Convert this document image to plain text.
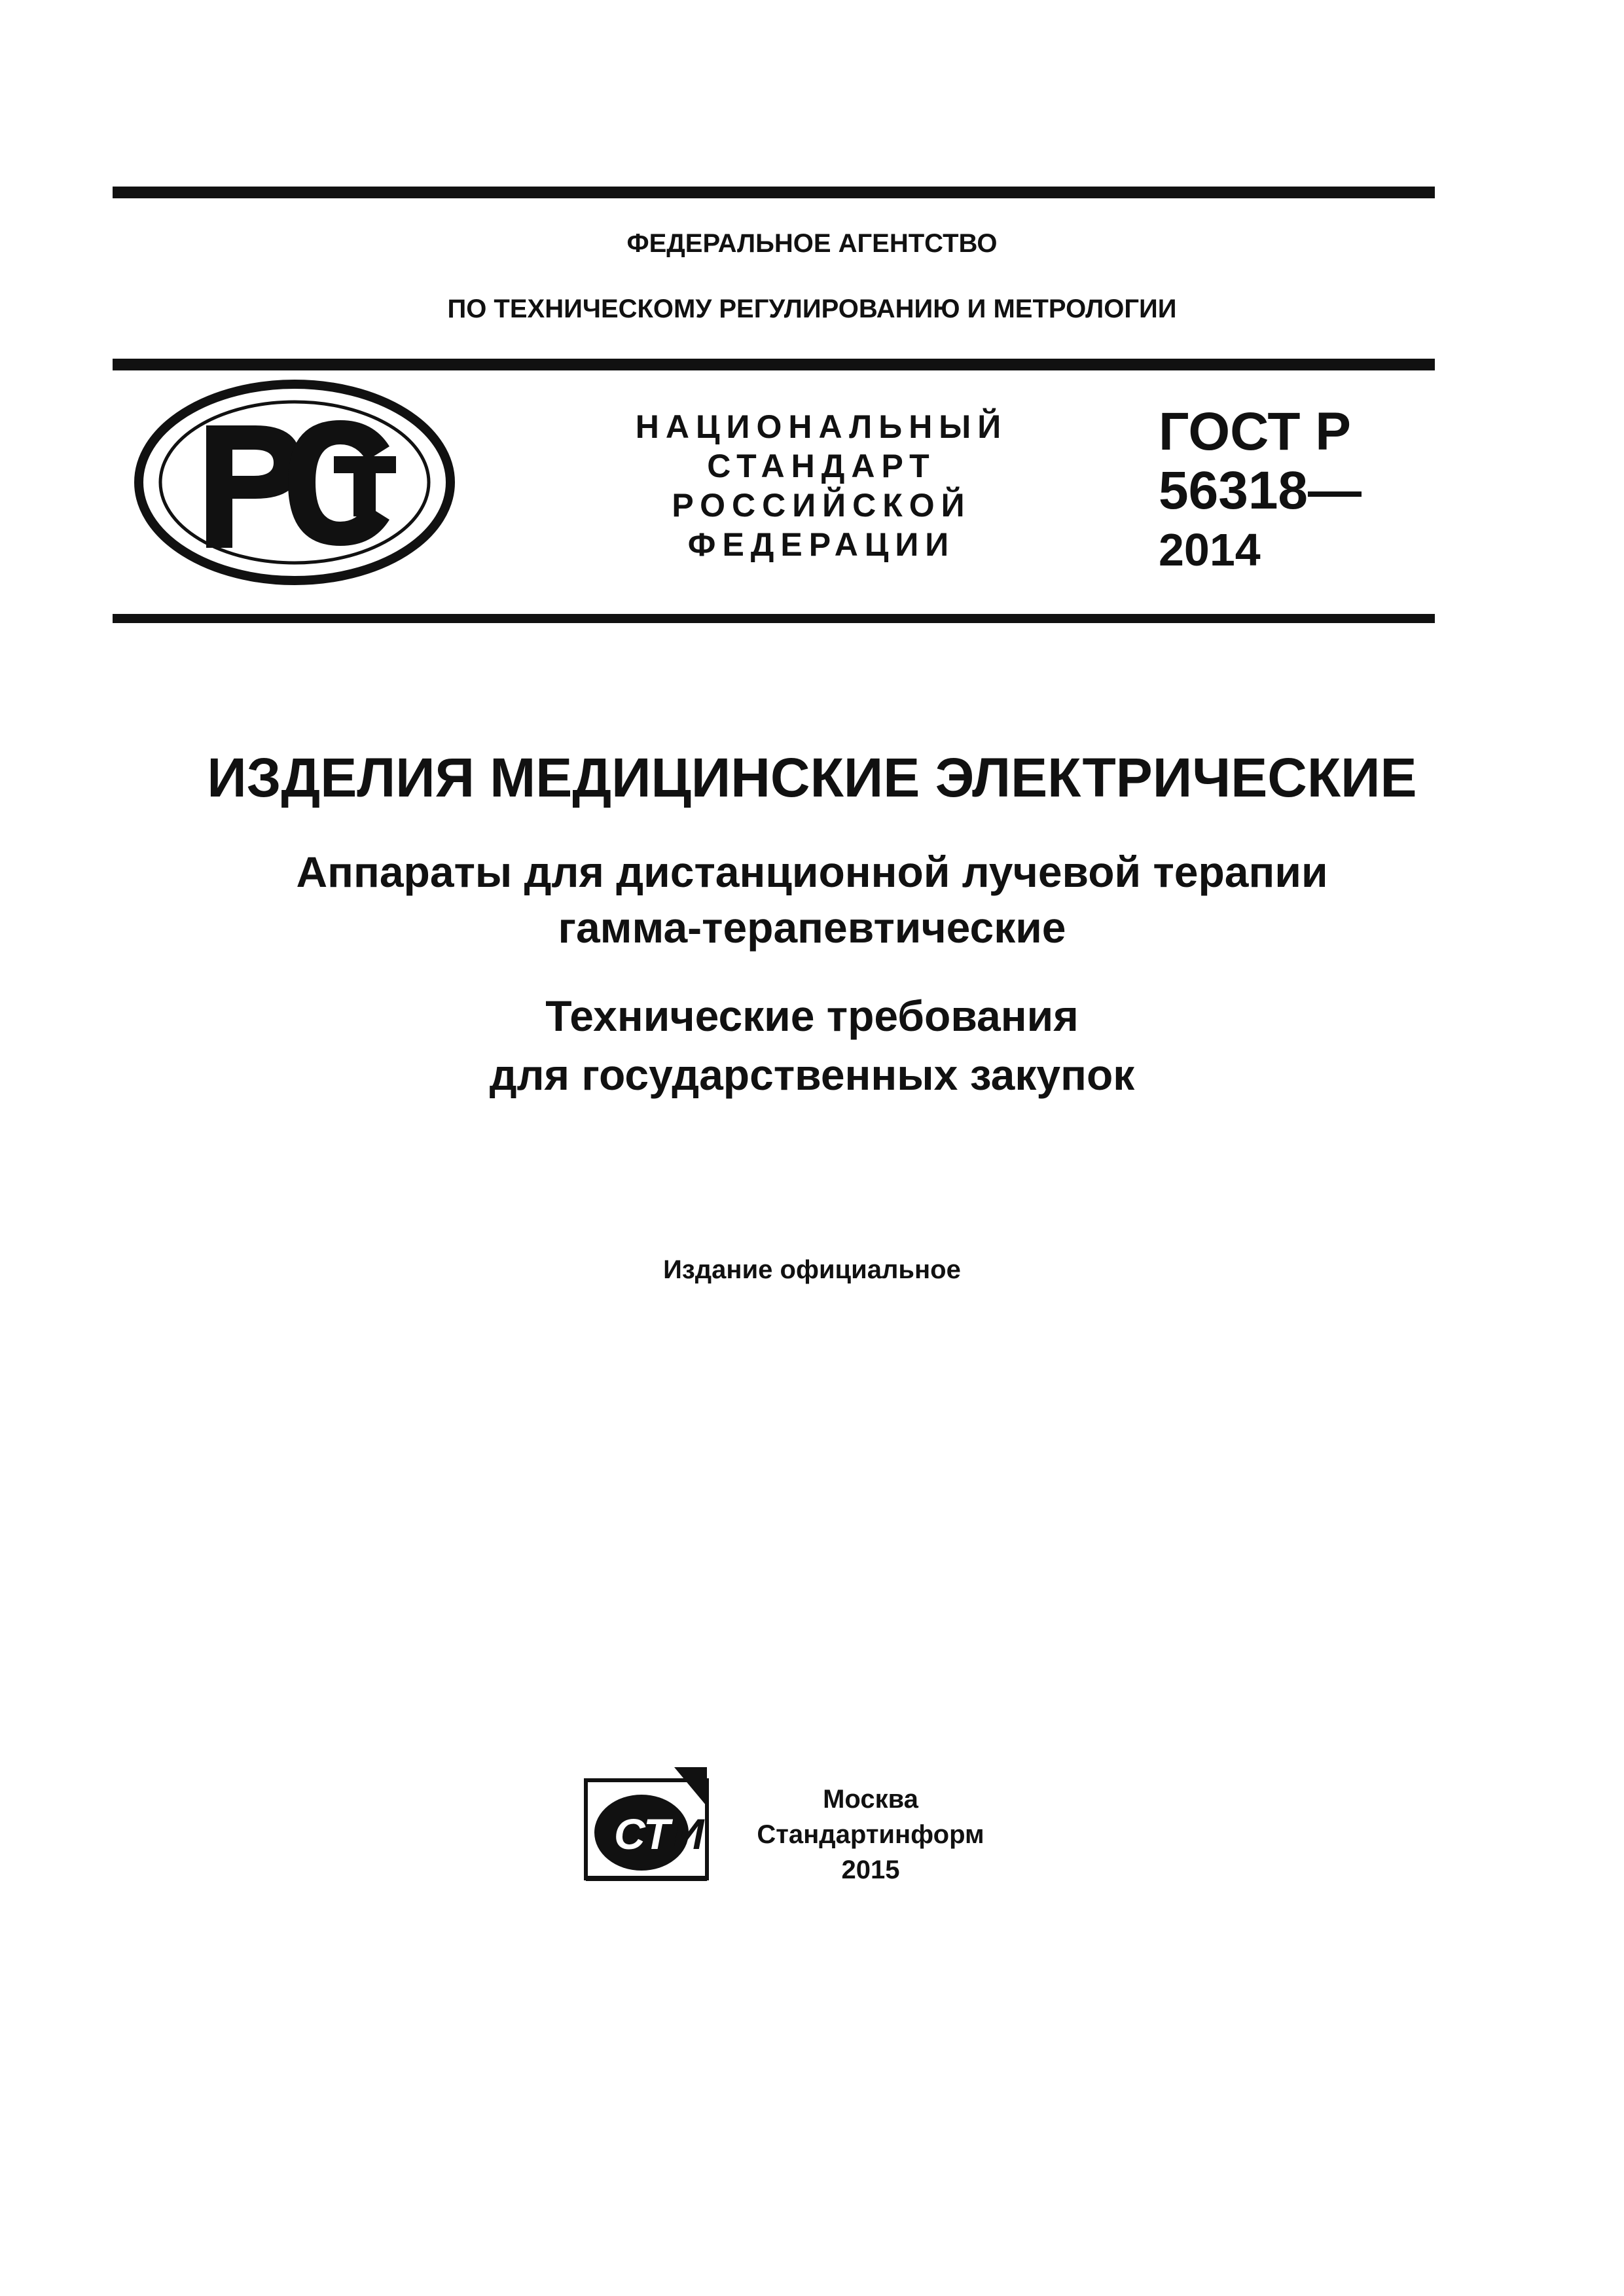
ФЕДЕРАЛЬНОЕ АГЕНТСТВО
ПО ТЕХНИЧЕСКОМУ РЕГУЛИРОВАНИЮ И МЕТРОЛОГИИ
НАЦИОНАЛЬНЫЙ
СТАНДАРТ
РОССИЙСКОЙ
ФЕДЕРАЦИИ
ГОСТ Р
56318—
2014
ИЗДЕЛИЯ МЕДИЦИНСКИЕ ЭЛЕКТРИЧЕСКИЕ
Аппараты для дистанционной лучевой терапии
гамма-терапевтические
Технические требования
для государственных закупок
Издание официальное
СТ И
Москва
Стандартинформ
2015
